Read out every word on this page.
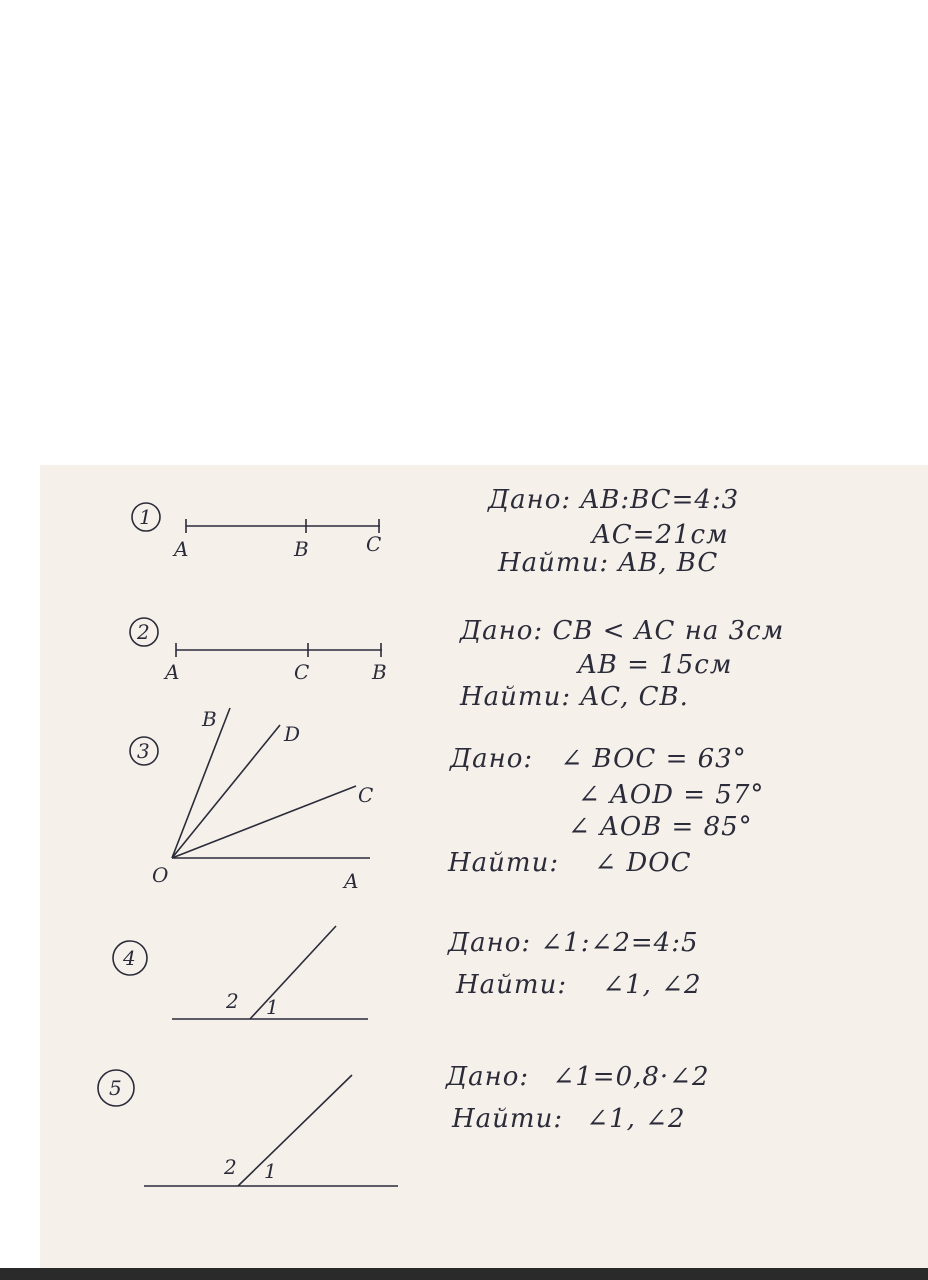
1
A	B	C
Дано: AB:BC=4:3
AC=21см
Найти: AB, BC
2
A	C	B
Дано: CB < AC на 3см
AB = 15см
Найти: AC, CB.
3
B
D
C
O	A
Дано: ∠ BOC = 63°
∠ AOD = 57°
∠ AOB = 85°
Найти: ∠ DOC
4
2 1
Дано: ∠1:∠2=4:5
Найти: ∠1, ∠2
5
2 1
Дано: ∠1=0,8·∠2
Найти: ∠1, ∠2
